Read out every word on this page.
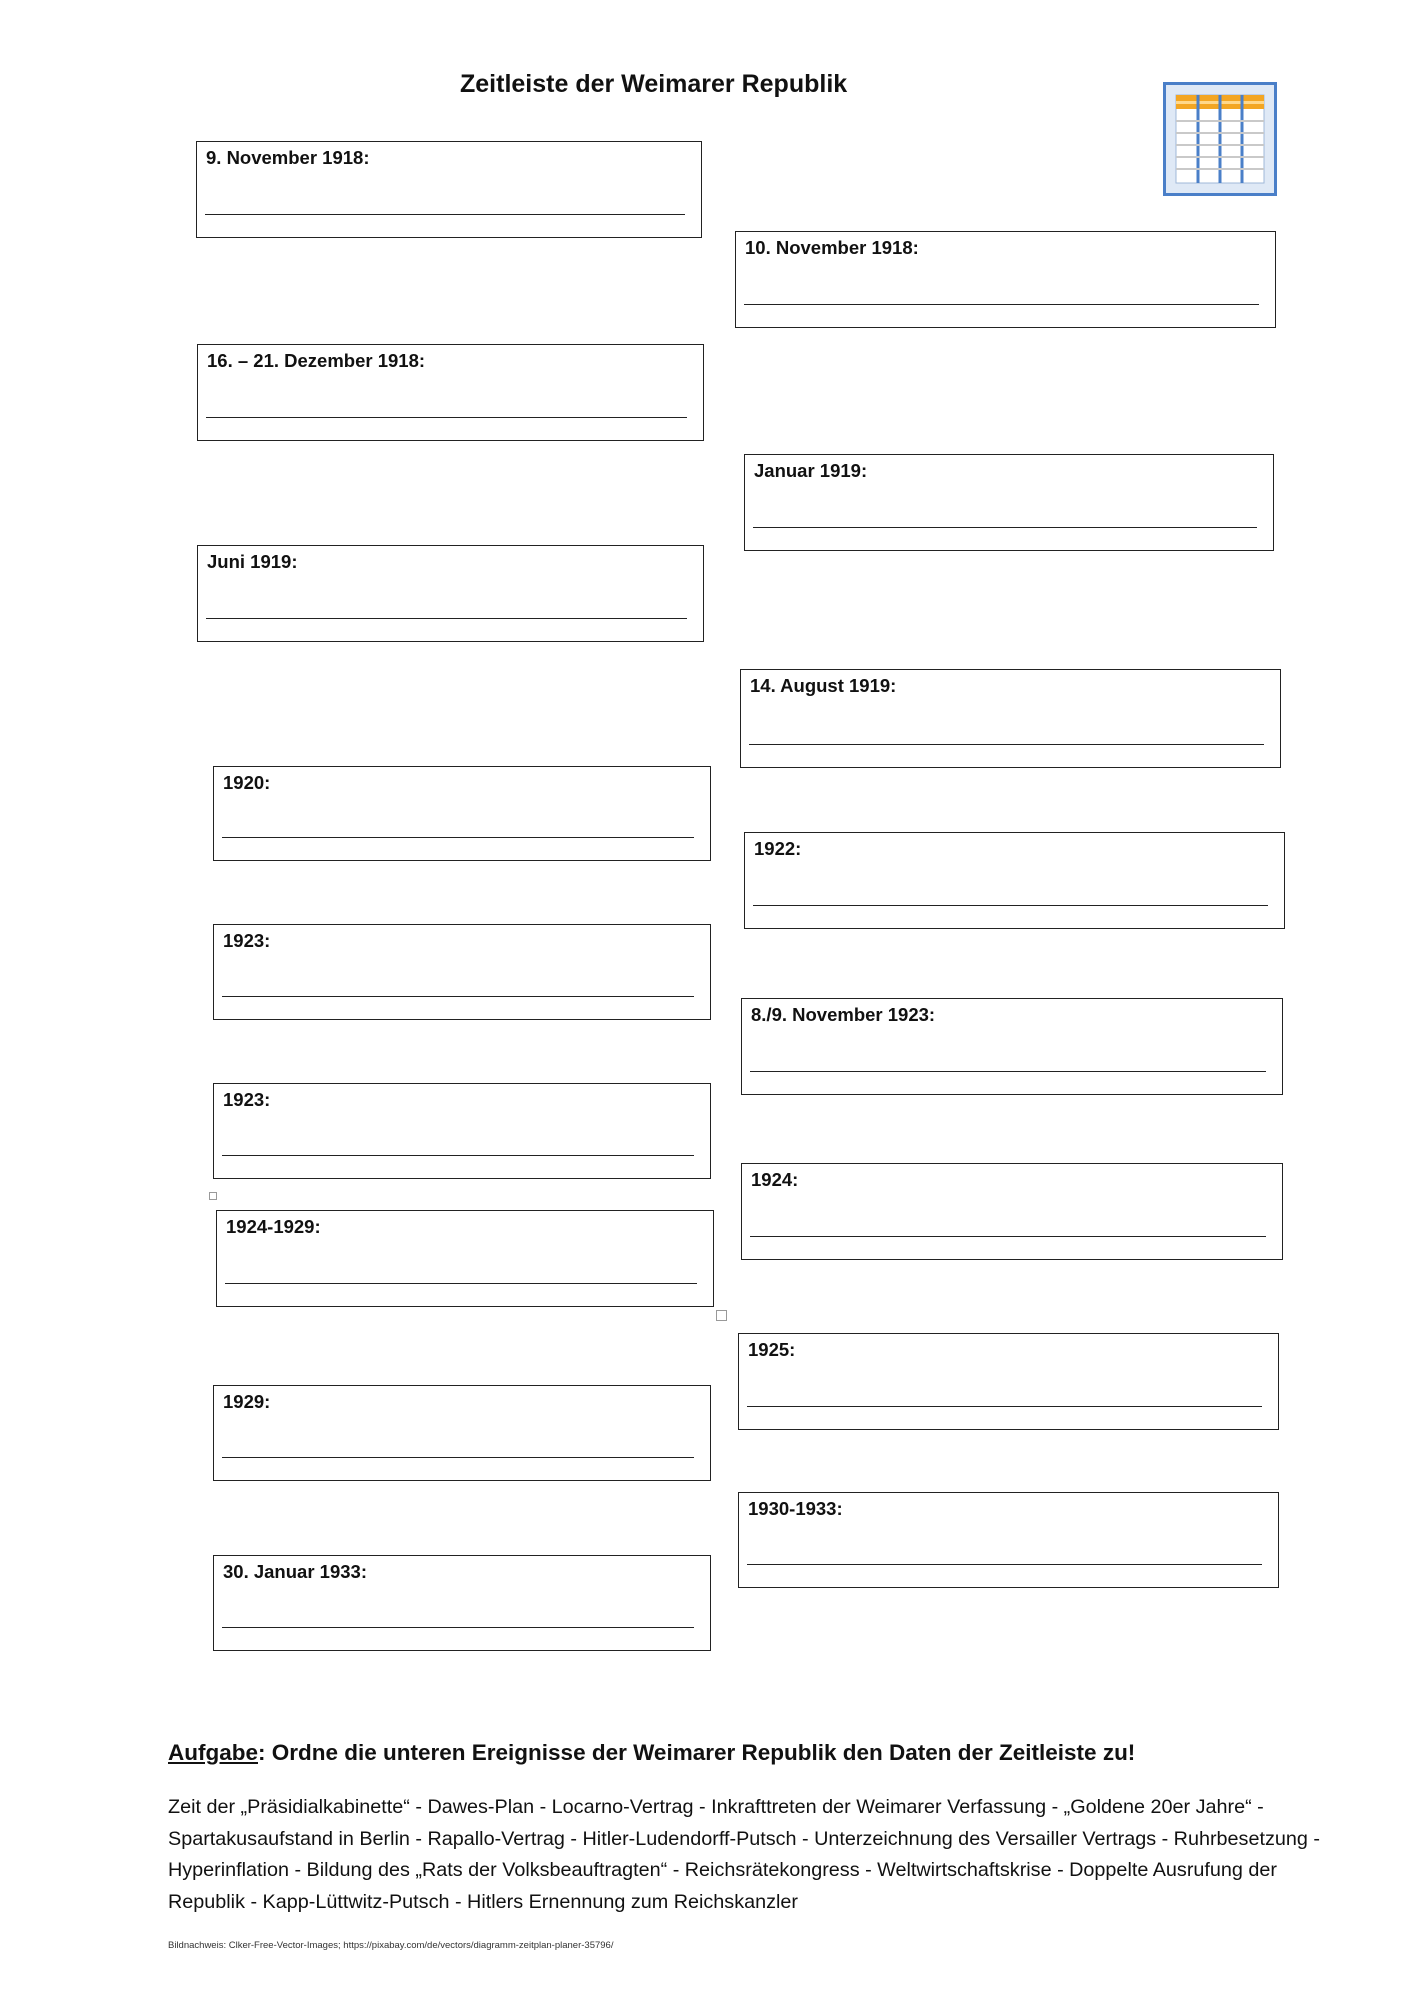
Zeitleiste der Weimarer Republik
9. November 1918:
10. November 1918:
16. – 21. Dezember 1918:
Januar 1919:
Juni 1919:
14. August 1919:
1920:
1922:
1923:
8./9. November 1923:
1923:
1924:
1924-1929:
1925:
1929:
1930-1933:
30. Januar 1933:
Aufgabe: Ordne die unteren Ereignisse der Weimarer Republik den Daten der Zeitleiste zu!
Zeit der „Präsidialkabinette“ - Dawes-Plan - Locarno-Vertrag - Inkrafttreten der Weimarer Verfassung - „Goldene 20er Jahre“ - Spartakusaufstand in Berlin - Rapallo-Vertrag - Hitler-Ludendorff-Putsch - Unterzeichnung des Versailler Vertrags - Ruhrbesetzung - Hyperinflation - Bildung des „Rats der Volksbeauftragten“ - Reichsrätekongress - Weltwirtschaftskrise - Doppelte Ausrufung der Republik - Kapp-Lüttwitz-Putsch - Hitlers Ernennung zum Reichskanzler
Bildnachweis: Clker-Free-Vector-Images; https://pixabay.com/de/vectors/diagramm-zeitplan-planer-35796/
